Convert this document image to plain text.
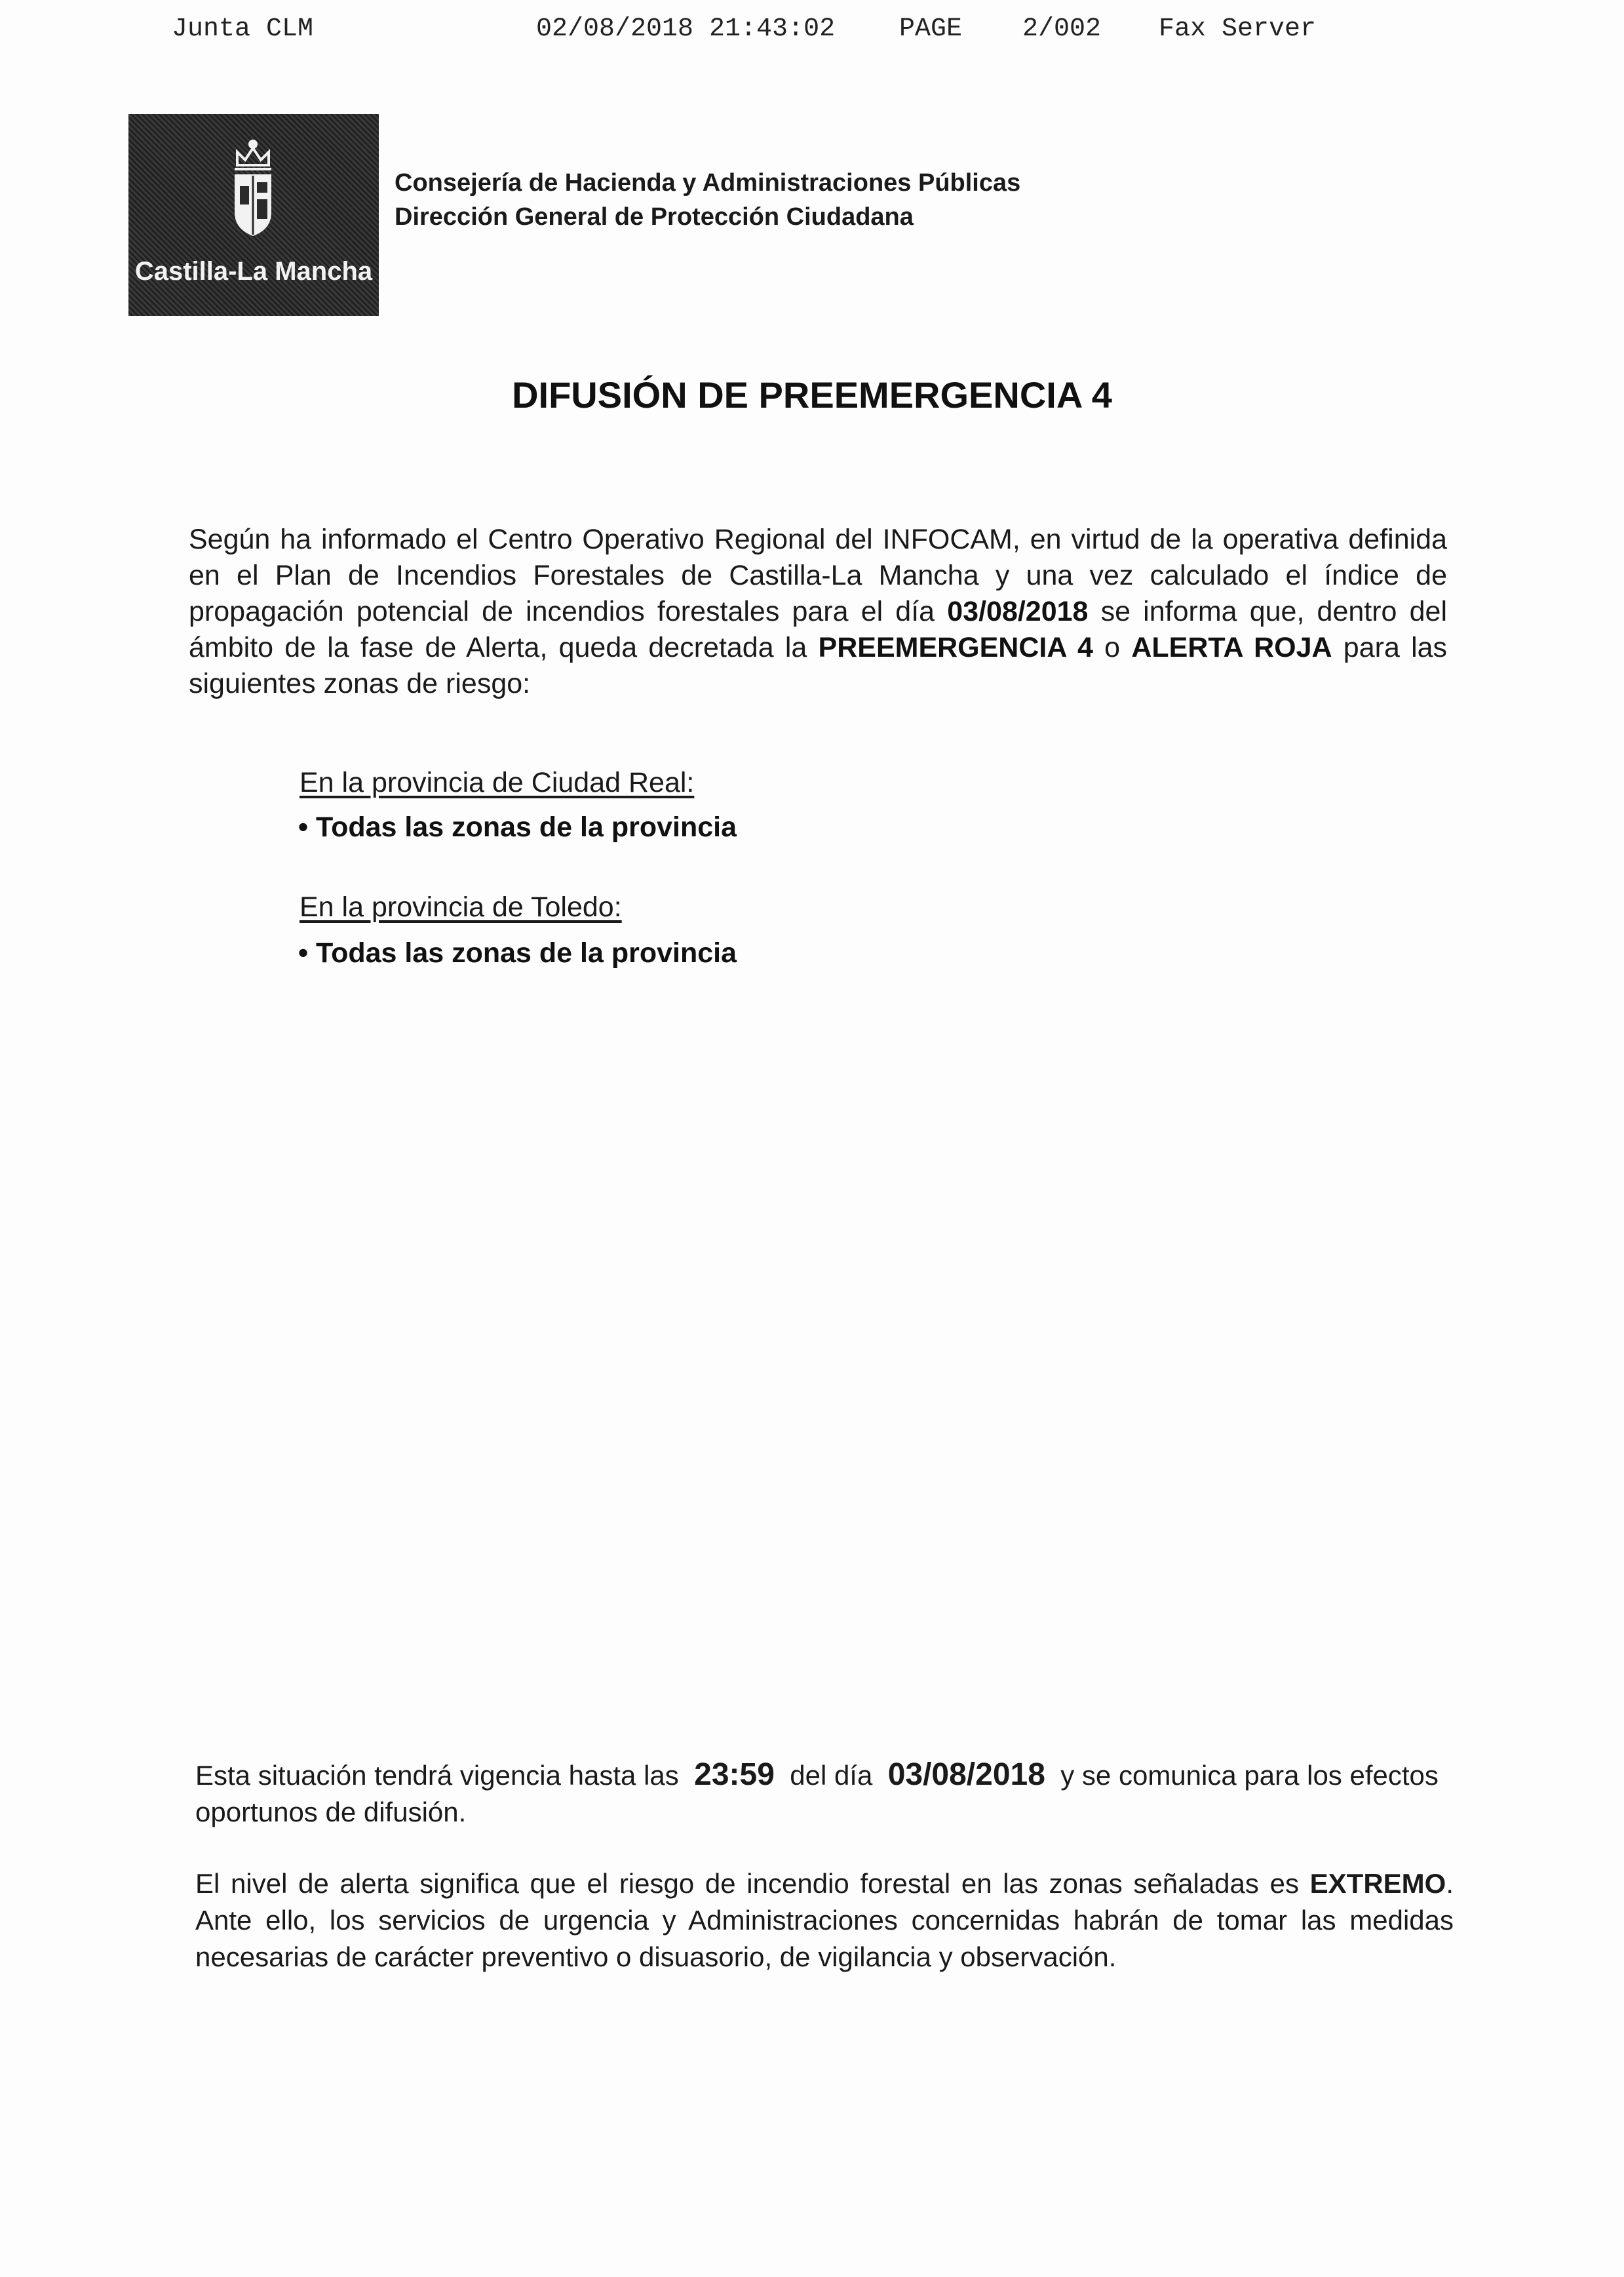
Junta CLM	02/08/2018 21:43:02 PAGE 2/002 Fax Server
Castilla-La Mancha
Consejería de Hacienda y Administraciones Públicas
Dirección General de Protección Ciudadana
DIFUSIÓN DE PREEMERGENCIA 4
Según ha informado el Centro Operativo Regional del INFOCAM, en virtud de la operativa definida en el Plan de Incendios Forestales de Castilla-La Mancha y una vez calculado el índice de propagación potencial de incendios forestales para el día 03/08/2018 se informa que, dentro del ámbito de la fase de Alerta, queda decretada la PREEMERGENCIA 4 o ALERTA ROJA para las siguientes zonas de riesgo:
En la provincia de Ciudad Real:
• Todas las zonas de la provincia
En la provincia de Toledo:
• Todas las zonas de la provincia
Esta situación tendrá vigencia hasta las 23:59 del día 03/08/2018 y se comunica para los efectos oportunos de difusión.
El nivel de alerta significa que el riesgo de incendio forestal en las zonas señaladas es EXTREMO. Ante ello, los servicios de urgencia y Administraciones concernidas habrán de tomar las medidas necesarias de carácter preventivo o disuasorio, de vigilancia y observación.
